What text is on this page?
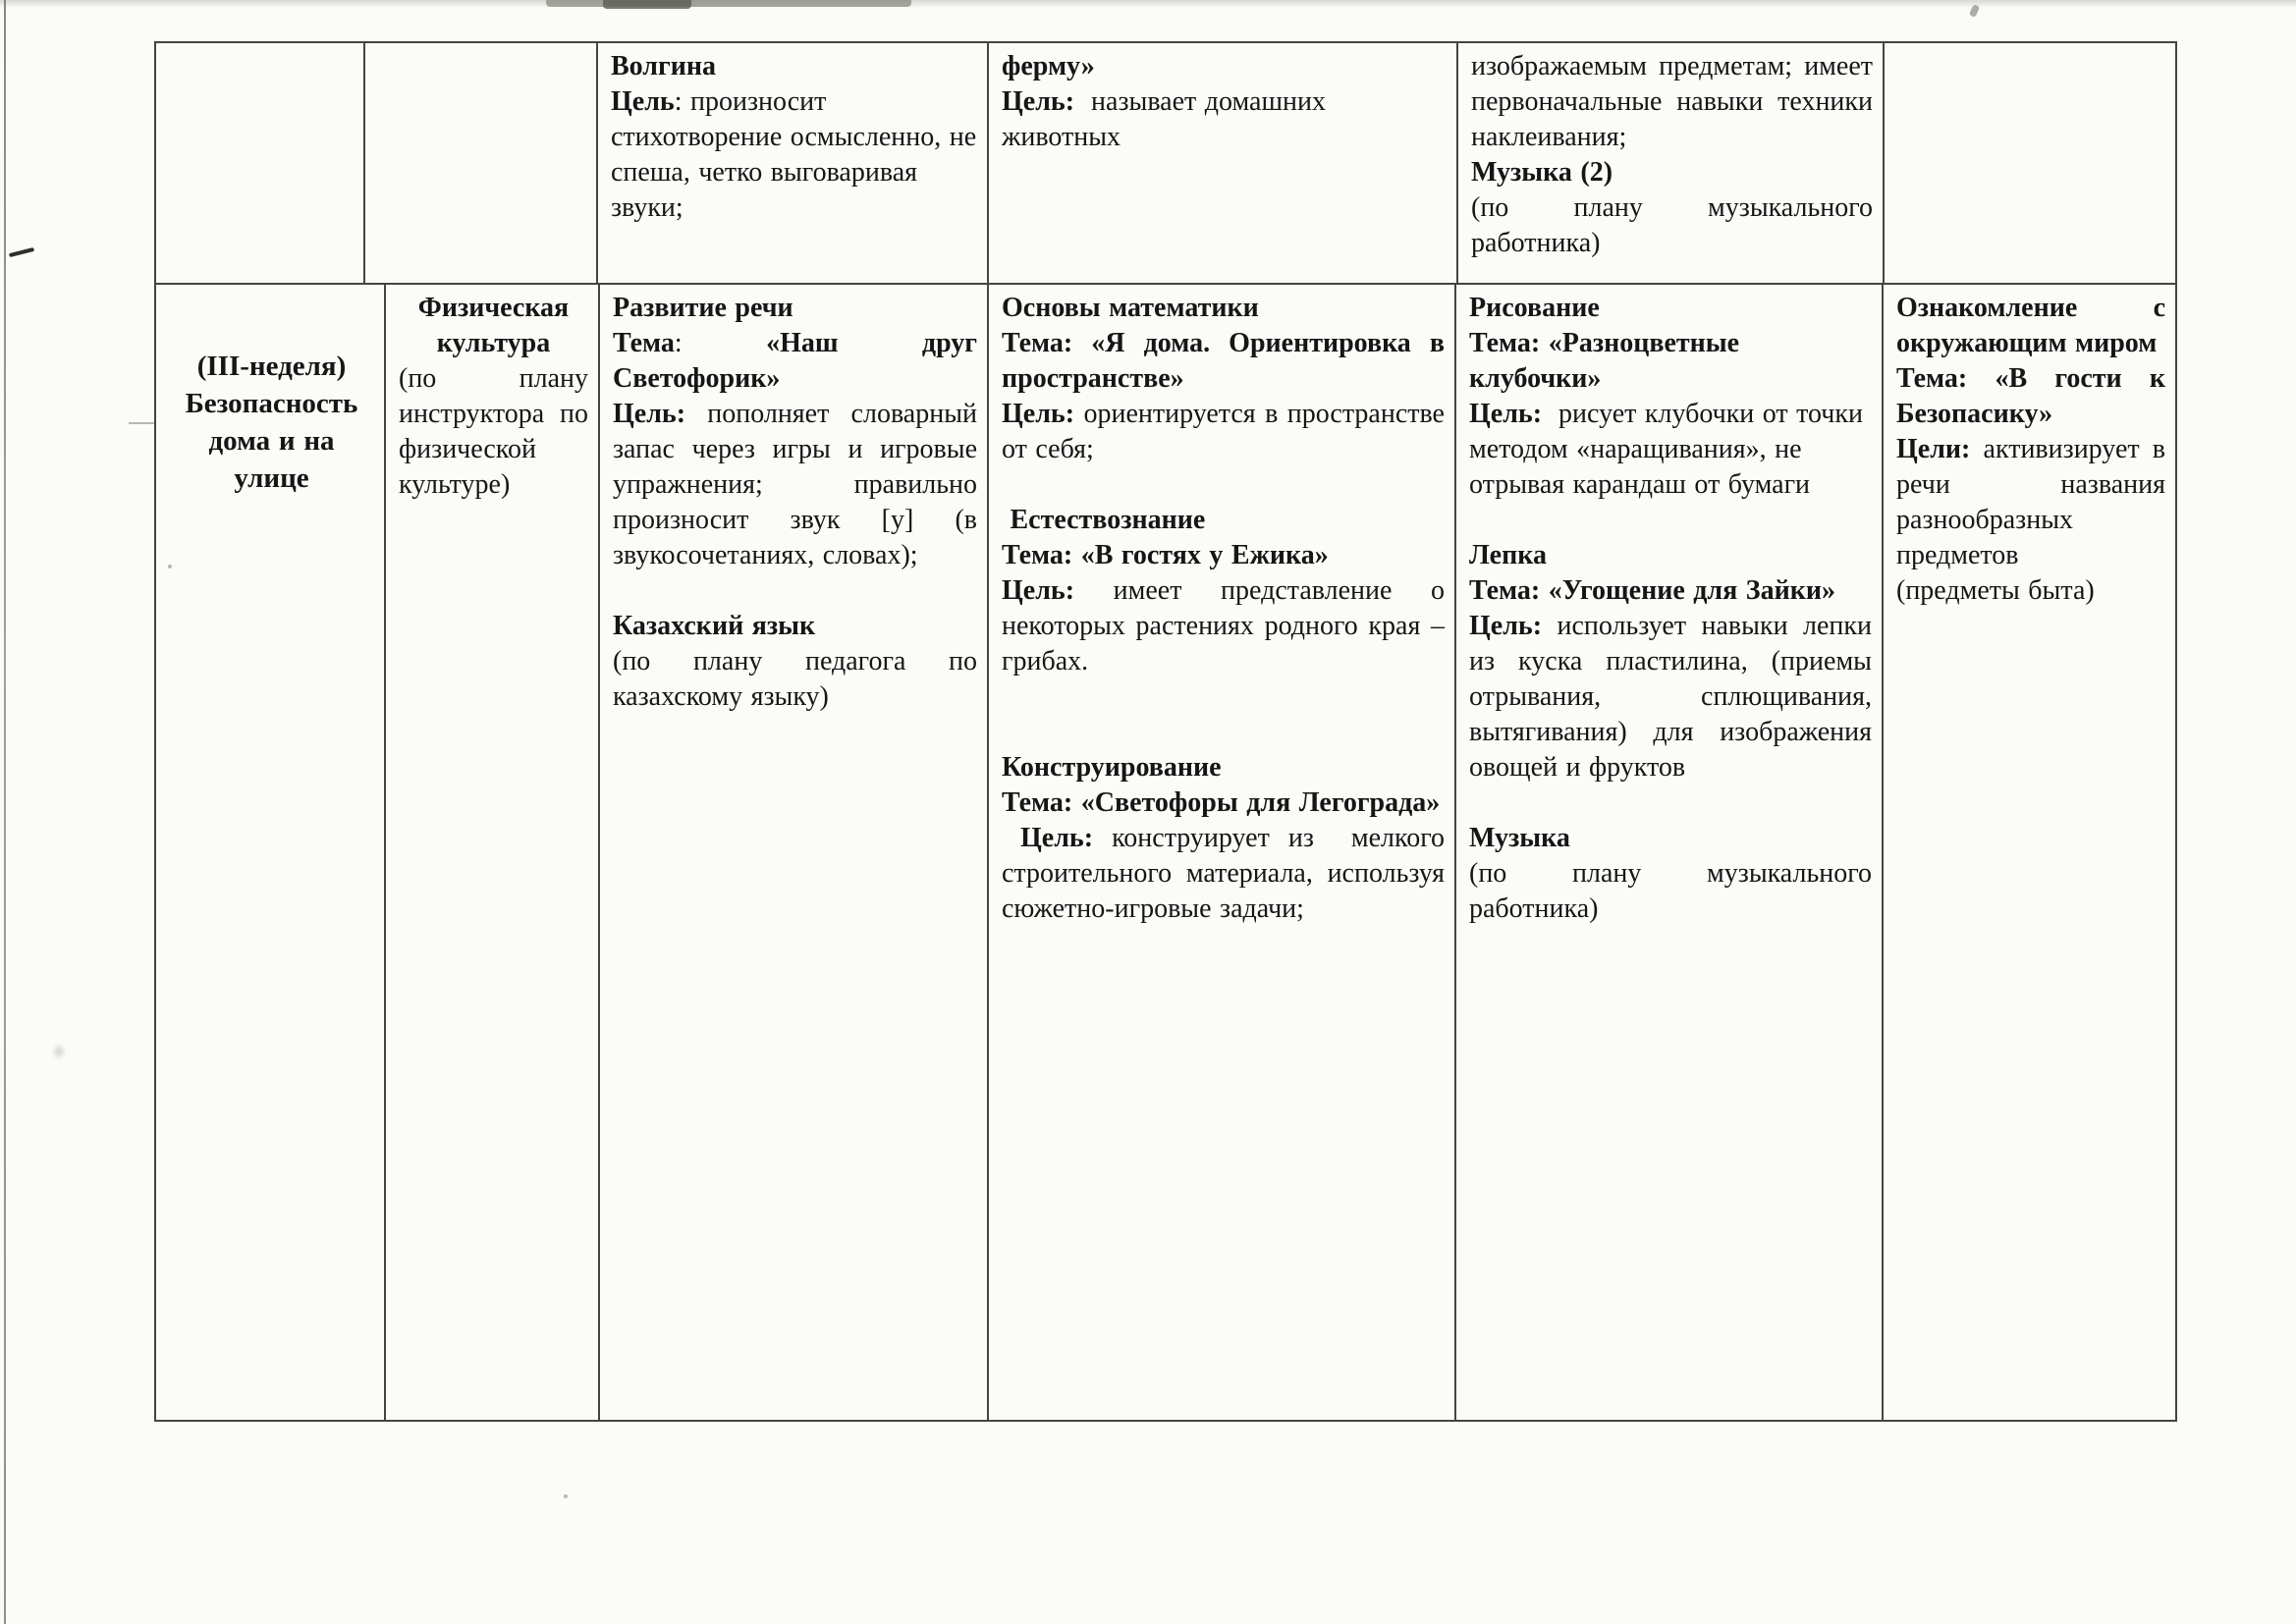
Волгина
Цель: произносит стихотворение осмысленно, не спеша, четко выговаривая звуки;
ферму»
Цель:  называет домашних животных
изображаемым предметам; имеет первоначальные навыки техники наклеивания;
Музыка (2)
(по плану музыкального работника)
(III-неделя) Безопасность дома и на улице
Физическая культура
(по плану инструктора по физической культуре)
Развитие речи
Тема: «Наш друг Светофорик»
Цель: пополняет словарный запас через игры и игровые упражнения; правильно произносит звук [у] (в звукосочетаниях, словах);

Казахский язык
(по плану педагога по казахскому языку)
Основы математики
Тема: «Я дома. Ориентировка в пространстве»
Цель: ориентируется в пространстве от себя;

Естествознание
Тема: «В гостях у Ежика»
Цель: имеет представление о некоторых растениях родного края – грибах.

Конструирование
Тема: «Светофоры для Легограда»
Цель: конструирует из  мелкого строительного материала, используя сюжетно-игровые задачи;
Рисование
Тема: «Разноцветные клубочки»
Цель:  рисует клубочки от точки методом «наращивания», не отрывая карандаш от бумаги

Лепка
Тема: «Угощение для Зайки»
Цель: использует навыки лепки из куска пластилина, (приемы отрывания, сплющивания, вытягивания) для изображения овощей и фруктов

Музыка
(по плану музыкального работника)
Ознакомление с окружающим миром
Тема: «В гости к Безопасику»
Цели: активизирует в речи названия разнообразных предметов
(предметы быта)
